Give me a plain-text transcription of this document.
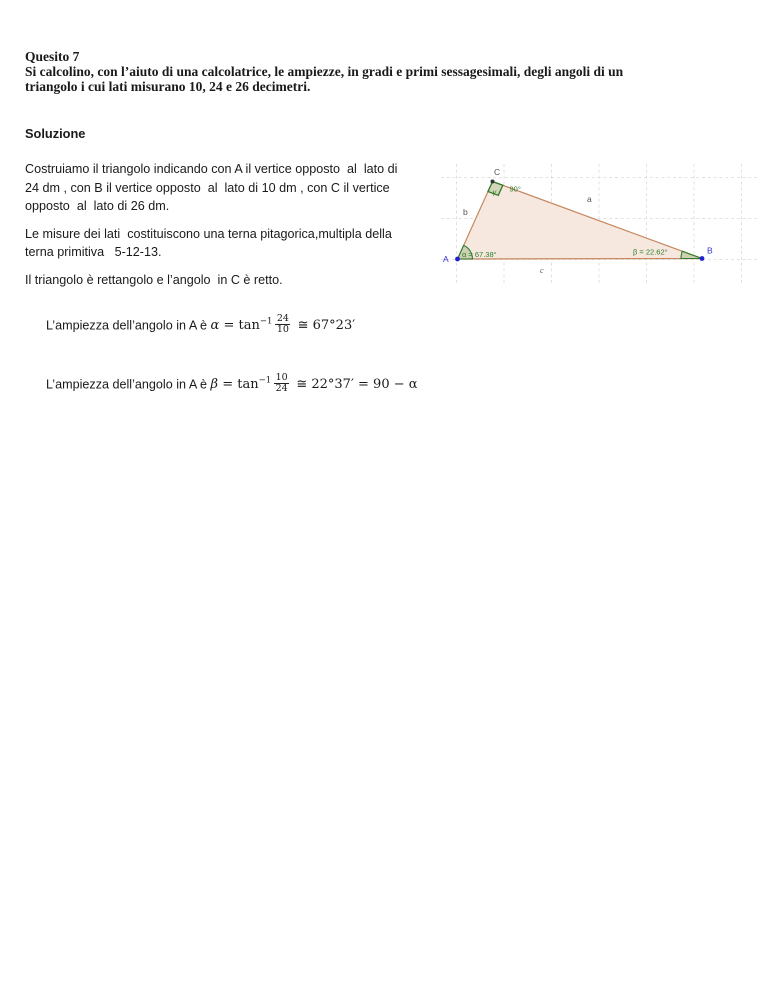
Quesito 7
Si calcolino, con l’aiuto di una calcolatrice, le ampiezze, in gradi e primi sessagesimali, degli angoli di un
triangolo i cui lati misurano 10, 24 e 26 decimetri.
Soluzione
Costruiamo il triangolo indicando con A il vertice opposto  al  lato di
24 dm , con B il vertice opposto  al  lato di 10 dm , con C il vertice
opposto  al  lato di 26 dm.
Le misure dei lati  costituiscono una terna pitagorica,multipla della
terna primitiva   5-12-13.
Il triangolo è rettangolo e l’angolo  in C è retto.

L’ampiezza dell’angolo in A è $\alpha = \tan^{-1} \frac{24}{10}$ ≅ 67°23′

L’ampiezza dell’angolo in A è $\beta = \tan^{-1} \frac{10}{24}$ ≅ 22°37′ = 90 − α

α = 67.38°	β = 22.62°
γ 90°
A
B
C
b
a
c
